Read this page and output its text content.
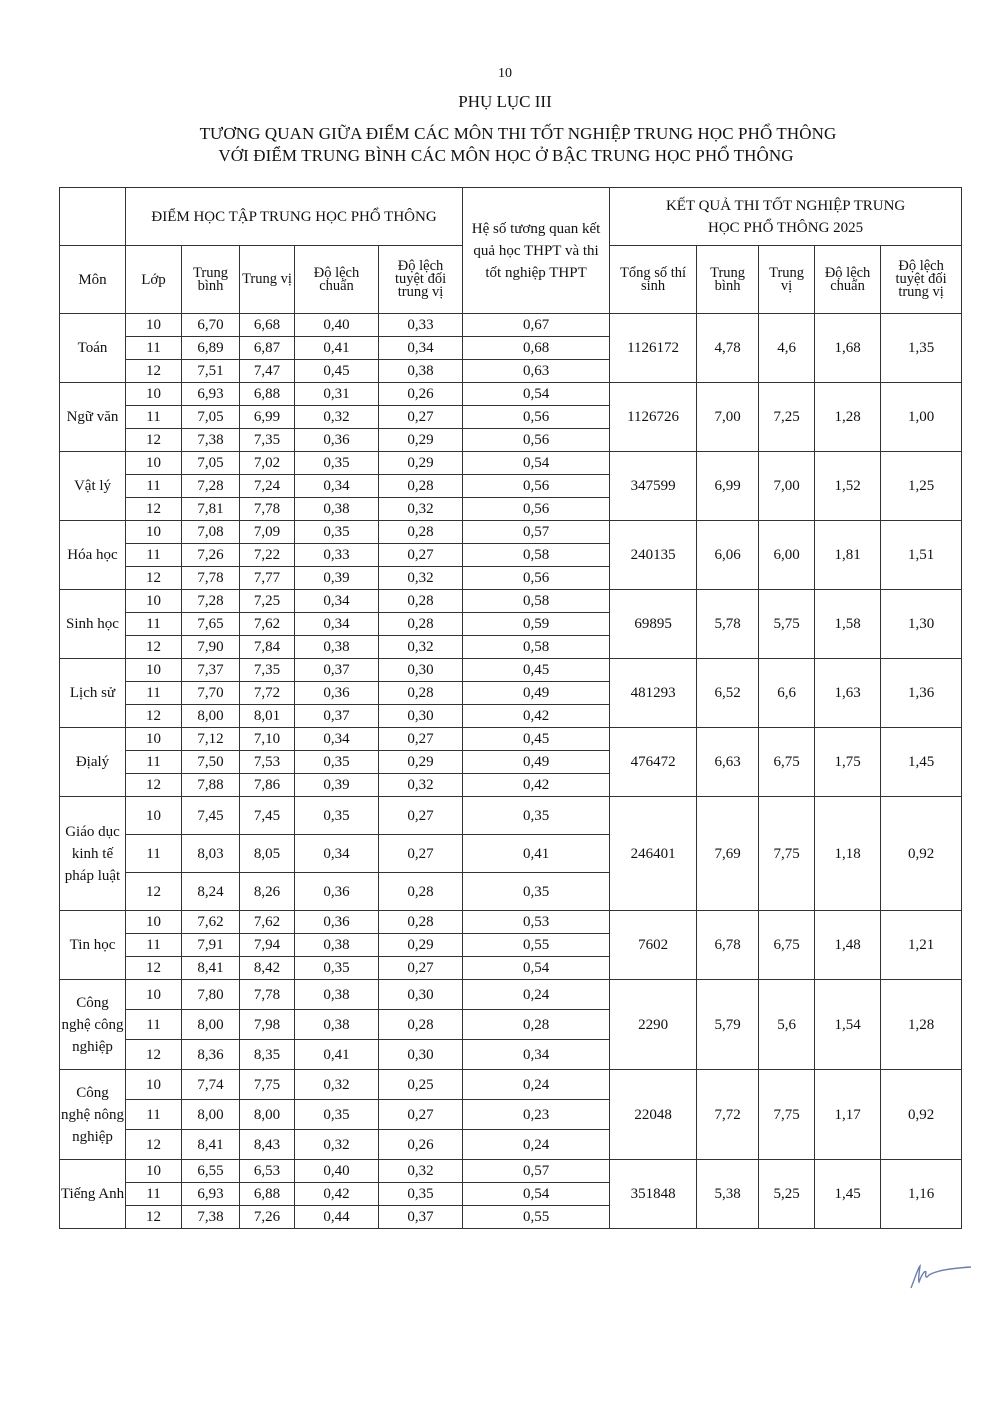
10
PHỤ LỤC III
TƯƠNG QUAN GIỮA ĐIỂM CÁC MÔN THI TỐT NGHIỆP TRUNG HỌC PHỔ THÔNG
VỚI ĐIỂM TRUNG BÌNH CÁC MÔN HỌC Ở BẬC TRUNG HỌC PHỔ THÔNG
	ĐIỂM HỌC TẬP TRUNG HỌC PHỔ THÔNG					Hệ số tương quan kết quả học THPT và thi tốt nghiệp THPT	KẾT QUẢ THI TỐT NGHIỆP TRUNG HỌC PHỔ THÔNG 2025				
Môn	Lớp	Trung bình	Trung vị	Độ lệch chuẩn	Độ lệch tuyệt đối trung vị		Tổng số thí sinh	Trung bình	Trung vị	Độ lệch chuẩn	Độ lệch tuyệt đối trung vị
Toán	10	6,70	6,68	0,40	0,33	0,67	1126172	4,78	4,6	1,68	1,35
	11	6,89	6,87	0,41	0,34	0,68					
	12	7,51	7,47	0,45	0,38	0,63					
Ngữ văn	10	6,93	6,88	0,31	0,26	0,54	1126726	7,00	7,25	1,28	1,00
	11	7,05	6,99	0,32	0,27	0,56					
	12	7,38	7,35	0,36	0,29	0,56					
Vật lý	10	7,05	7,02	0,35	0,29	0,54	347599	6,99	7,00	1,52	1,25
	11	7,28	7,24	0,34	0,28	0,56					
	12	7,81	7,78	0,38	0,32	0,56					
Hóa học	10	7,08	7,09	0,35	0,28	0,57	240135	6,06	6,00	1,81	1,51
	11	7,26	7,22	0,33	0,27	0,58					
	12	7,78	7,77	0,39	0,32	0,56					
Sinh học	10	7,28	7,25	0,34	0,28	0,58	69895	5,78	5,75	1,58	1,30
	11	7,65	7,62	0,34	0,28	0,59					
	12	7,90	7,84	0,38	0,32	0,58					
Lịch sử	10	7,37	7,35	0,37	0,30	0,45	481293	6,52	6,6	1,63	1,36
	11	7,70	7,72	0,36	0,28	0,49					
	12	8,00	8,01	0,37	0,30	0,42					
Địalý	10	7,12	7,10	0,34	0,27	0,45	476472	6,63	6,75	1,75	1,45
	11	7,50	7,53	0,35	0,29	0,49					
	12	7,88	7,86	0,39	0,32	0,42					
Giáo dục kinh tế pháp luật	10	7,45	7,45	0,35	0,27	0,35	246401	7,69	7,75	1,18	0,92
	11	8,03	8,05	0,34	0,27	0,41					
	12	8,24	8,26	0,36	0,28	0,35					
Tin học	10	7,62	7,62	0,36	0,28	0,53	7602	6,78	6,75	1,48	1,21
	11	7,91	7,94	0,38	0,29	0,55					
	12	8,41	8,42	0,35	0,27	0,54					
Công nghệ công nghiệp	10	7,80	7,78	0,38	0,30	0,24	2290	5,79	5,6	1,54	1,28
	11	8,00	7,98	0,38	0,28	0,28					
	12	8,36	8,35	0,41	0,30	0,34					
Công nghệ nông nghiệp	10	7,74	7,75	0,32	0,25	0,24	22048	7,72	7,75	1,17	0,92
	11	8,00	8,00	0,35	0,27	0,23					
	12	8,41	8,43	0,32	0,26	0,24					
Tiếng Anh	10	6,55	6,53	0,40	0,32	0,57	351848	5,38	5,25	1,45	1,16
	11	6,93	6,88	0,42	0,35	0,54					
	12	7,38	7,26	0,44	0,37	0,55					
